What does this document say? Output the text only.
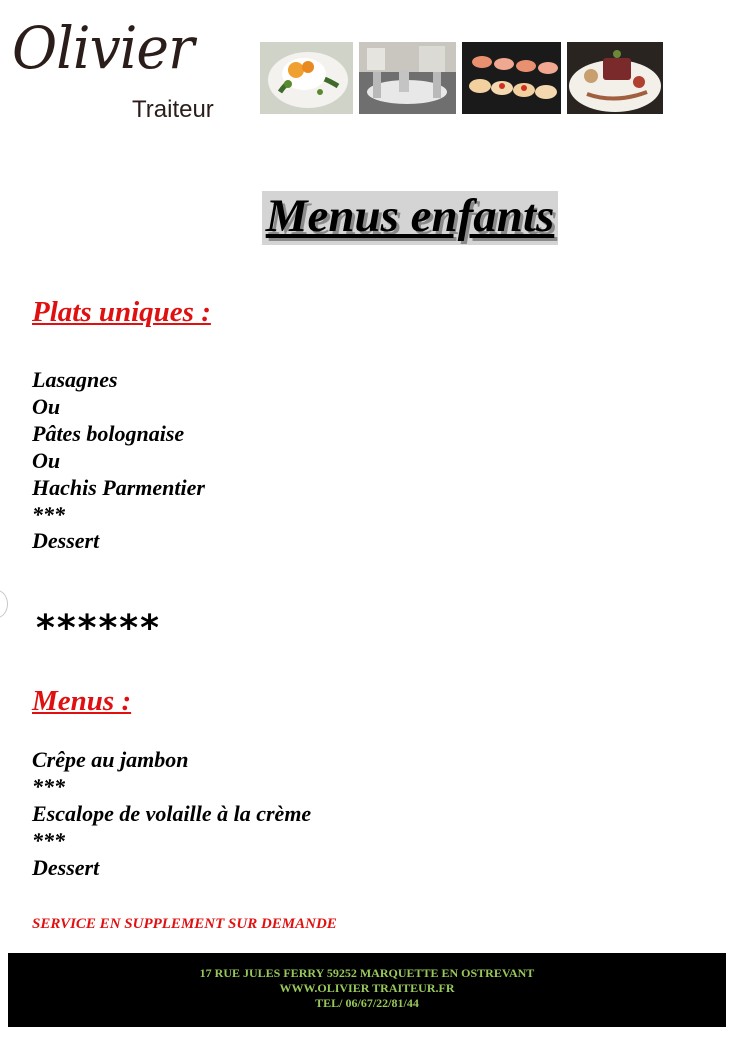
Olivier
Traiteur
Menus enfants
Plats uniques :
Lasagnes
Ou
Pâtes bolognaise
Ou
Hachis Parmentier
***
Dessert
******
Menus :
Crêpe au jambon
***
Escalope de volaille à la crème
***
Dessert
SERVICE EN SUPPLEMENT SUR DEMANDE
17 RUE JULES FERRY 59252 MARQUETTE EN OSTREVANT
WWW.OLIVIER TRAITEUR.FR
TEL/ 06/67/22/81/44
